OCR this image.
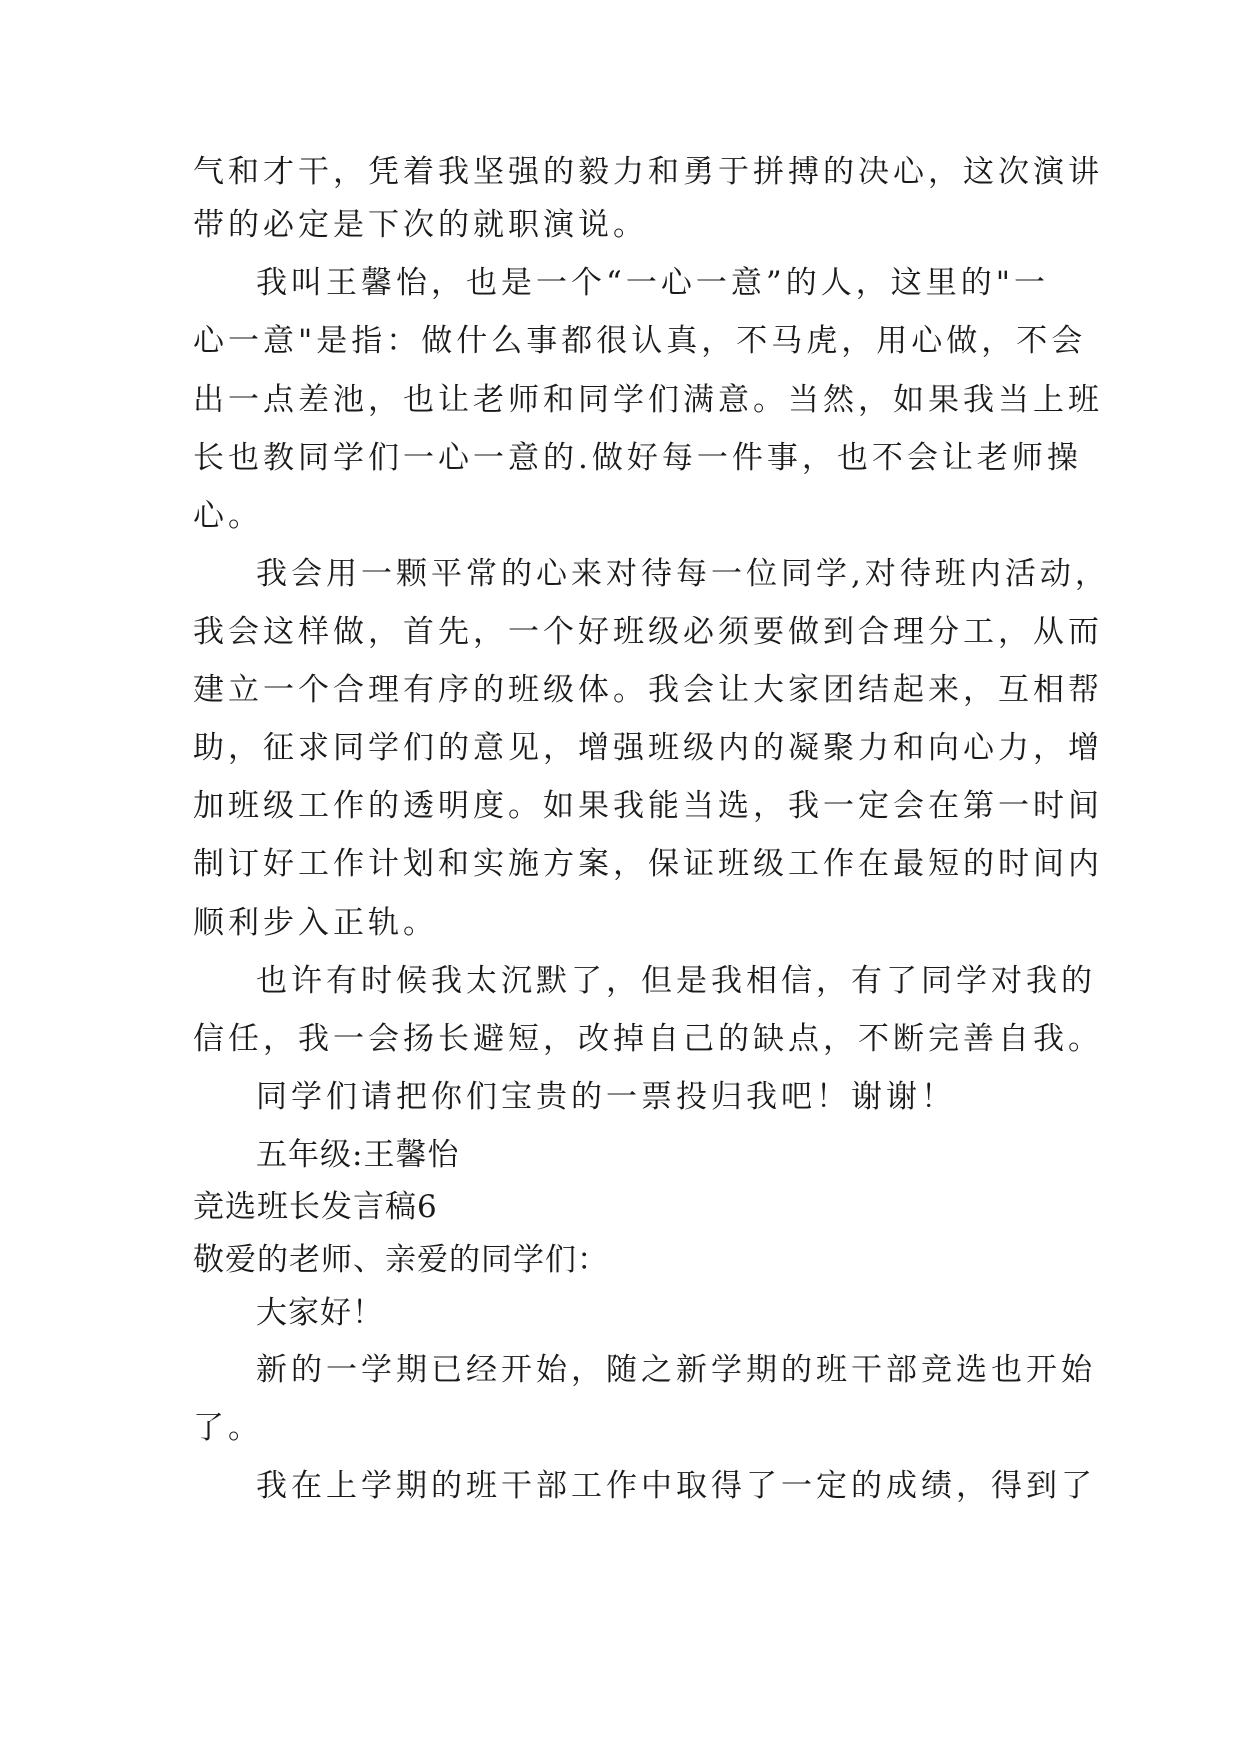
气和才干，凭着我坚强的毅力和勇于拼搏的决心，这次演讲
带的必定是下次的就职演说。
我叫王馨怡，也是一个“一心一意”的人，这里的"一
心一意"是指：做什么事都很认真，不马虎，用心做，不会
出一点差池，也让老师和同学们满意。当然，如果我当上班
长也教同学们一心一意的.做好每一件事，也不会让老师操
心。
我会用一颗平常的心来对待每一位同学,对待班内活动，
我会这样做，首先，一个好班级必须要做到合理分工，从而
建立一个合理有序的班级体。我会让大家团结起来，互相帮
助，征求同学们的意见，增强班级内的凝聚力和向心力，增
加班级工作的透明度。如果我能当选，我一定会在第一时间
制订好工作计划和实施方案，保证班级工作在最短的时间内
顺利步入正轨。
也许有时候我太沉默了，但是我相信，有了同学对我的
信任，我一会扬长避短，改掉自己的缺点，不断完善自我。
同学们请把你们宝贵的一票投归我吧！谢谢！
五年级:王馨怡
竞选班长发言稿6
敬爱的老师、亲爱的同学们：
大家好！
新的一学期已经开始，随之新学期的班干部竞选也开始
了。
我在上学期的班干部工作中取得了一定的成绩，得到了
